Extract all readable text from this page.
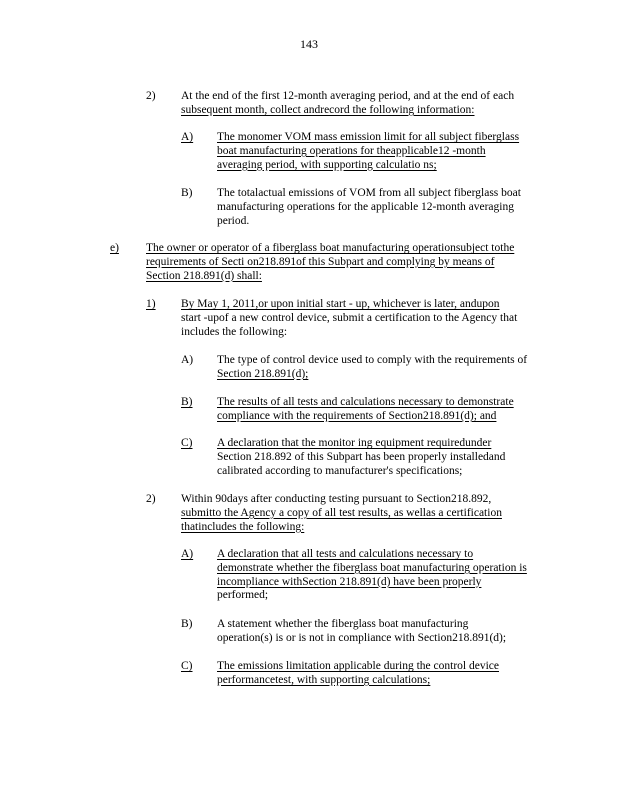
143
2) At the end of the first 12-month averaging period, and at the end of each
subsequent month, collect andrecord the following information:
A) The monomer VOM mass emission limit for all subject fiberglass
boat manufacturing operations for theapplicable12 -month
averaging period, with supporting calculatio ns;
B) The totalactual emissions of VOM from all subject fiberglass boat
manufacturing operations for the applicable 12-month averaging
period.
e) The owner or operator of a fiberglass boat manufacturing operationsubject tothe
requirements of Secti on218.891of this Subpart and complying by means of
Section 218.891(d) shall:
1) By May 1, 2011,or upon initial start - up, whichever is later, andupon
start -upof a new control device, submit a certification to the Agency that
includes the following:
A) The type of control device used to comply with the requirements of
Section 218.891(d);
B) The results of all tests and calculations necessary to demonstrate
compliance with the requirements of Section218.891(d); and
C) A declaration that the monitor ing equipment requiredunder
Section 218.892 of this Subpart has been properly installedand
calibrated according to manufacturer's specifications;
2) Within 90days after conducting testing pursuant to Section218.892,
submitto the Agency a copy of all test results, as wellas a certification
thatincludes the following:
A) A declaration that all tests and calculations necessary to
demonstrate whether the fiberglass boat manufacturing operation is
incompliance withSection 218.891(d) have been properly
performed;
B) A statement whether the fiberglass boat manufacturing
operation(s) is or is not in compliance with Section218.891(d);
C) The emissions limitation applicable during the control device
performancetest, with supporting calculations;
